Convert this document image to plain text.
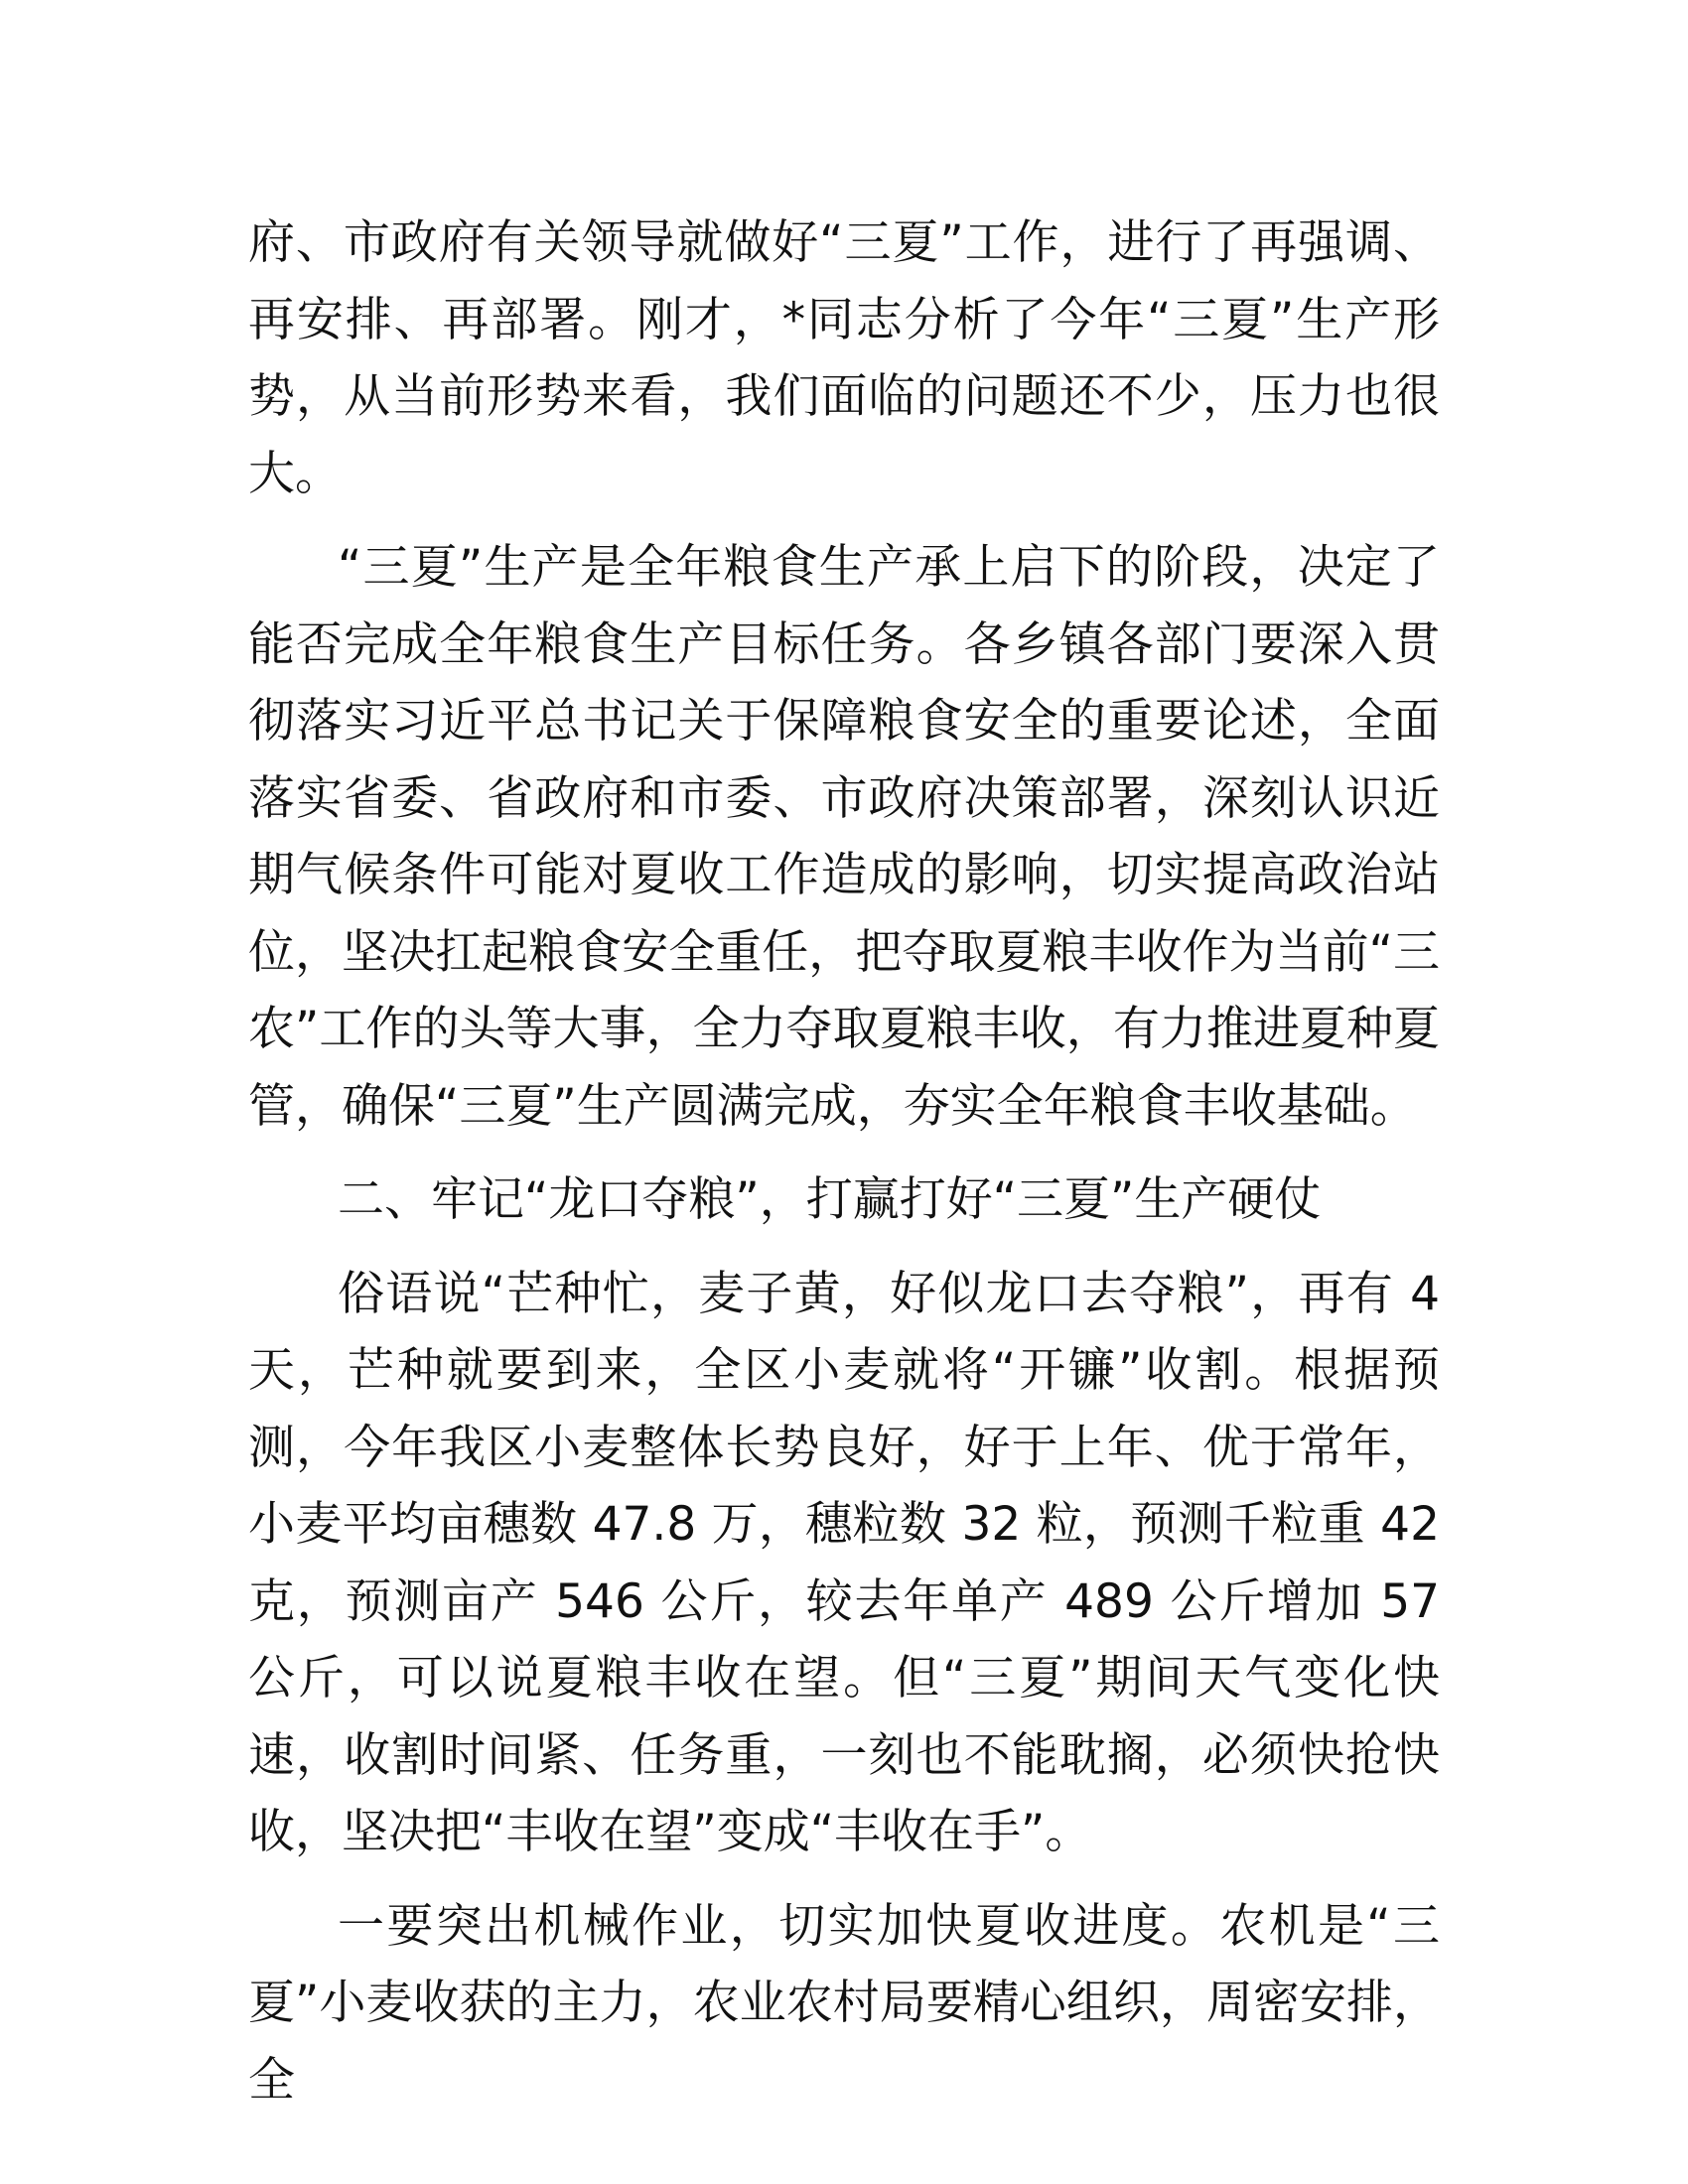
府、市政府有关领导就做好“三夏”工作，进行了再强调、再安排、再部署。刚才，*同志分析了今年“三夏”生产形势，从当前形势来看，我们面临的问题还不少，压力也很大。

“三夏”生产是全年粮食生产承上启下的阶段，决定了能否完成全年粮食生产目标任务。各乡镇各部门要深入贯彻落实习近平总书记关于保障粮食安全的重要论述，全面落实省委、省政府和市委、市政府决策部署，深刻认识近期气候条件可能对夏收工作造成的影响，切实提高政治站位，坚决扛起粮食安全重任，把夺取夏粮丰收作为当前“三农”工作的头等大事，全力夺取夏粮丰收，有力推进夏种夏管，确保“三夏”生产圆满完成，夯实全年粮食丰收基础。

二、牢记“龙口夺粮”，打赢打好“三夏”生产硬仗

俗语说“芒种忙，麦子黄，好似龙口去夺粮”，再有 4 天，芒种就要到来，全区小麦就将“开镰”收割。根据预测，今年我区小麦整体长势良好，好于上年、优于常年，小麦平均亩穗数 47.8 万，穗粒数 32 粒，预测千粒重 42 克，预测亩产 546 公斤，较去年单产 489 公斤增加 57 公斤，可以说夏粮丰收在望。但“三夏”期间天气变化快速，收割时间紧、任务重，一刻也不能耽搁，必须快抢快收，坚决把“丰收在望”变成“丰收在手”。

一要突出机械作业，切实加快夏收进度。农机是“三夏”小麦收获的主力，农业农村局要精心组织，周密安排，全
